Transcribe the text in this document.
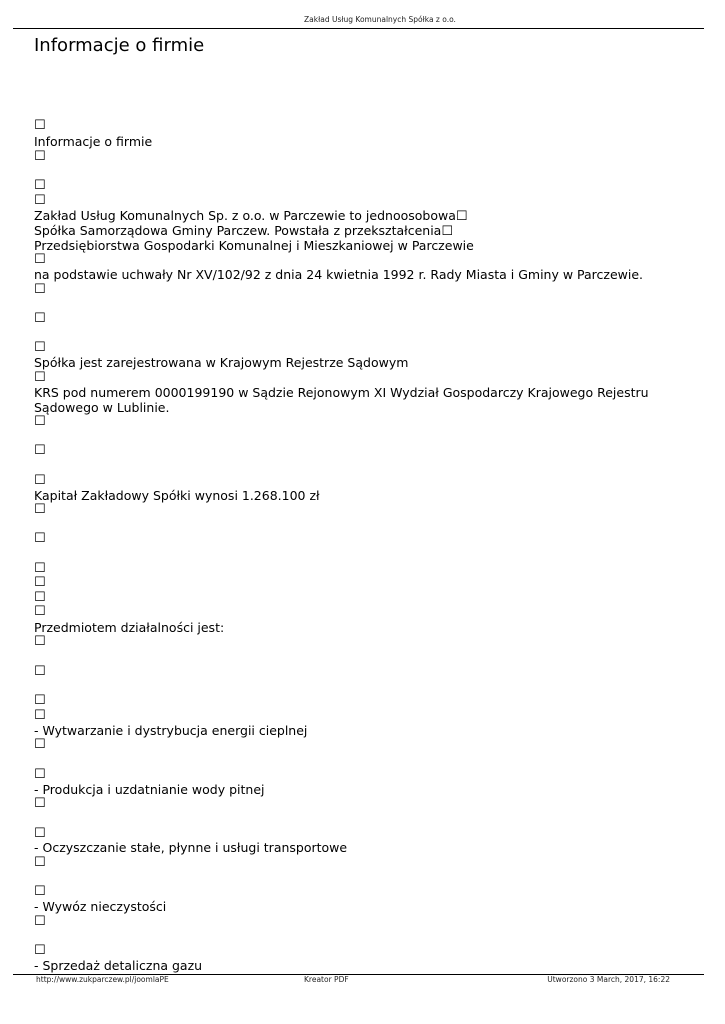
Zakład Usług Komunalnych Spółka z o.o.
Informacje o firmie
☐
Informacje o firmie
☐
☐
☐
Zakład Usług Komunalnych Sp. z o.o. w Parczewie to jednoosobowa☐
Spółka Samorządowa Gminy Parczew. Powstała z przekształcenia☐
Przedsiębiorstwa Gospodarki Komunalnej i Mieszkaniowej w Parczewie
☐
na podstawie uchwały Nr XV/102/92 z dnia 24 kwietnia 1992 r. Rady Miasta i Gminy w Parczewie.
☐
☐
☐
Spółka jest zarejestrowana w Krajowym Rejestrze Sądowym
☐
KRS pod numerem 0000199190 w Sądzie Rejonowym XI Wydział Gospodarczy Krajowego Rejestru
Sądowego w Lublinie.
☐
☐
☐
Kapitał Zakładowy Spółki wynosi 1.268.100 zł
☐
☐
☐
☐
☐
☐
Przedmiotem działalności jest:
☐
☐
☐
☐
- Wytwarzanie i dystrybucja energii cieplnej
☐
☐
- Produkcja i uzdatnianie wody pitnej
☐
☐
- Oczyszczanie stałe, płynne i usługi transportowe
☐
☐
- Wywóz nieczystości
☐
☐
- Sprzedaż detaliczna gazu
http://www.zukparczew.pl/joomlaPE	Kreator PDF	Utworzono 3 March, 2017, 16:22
